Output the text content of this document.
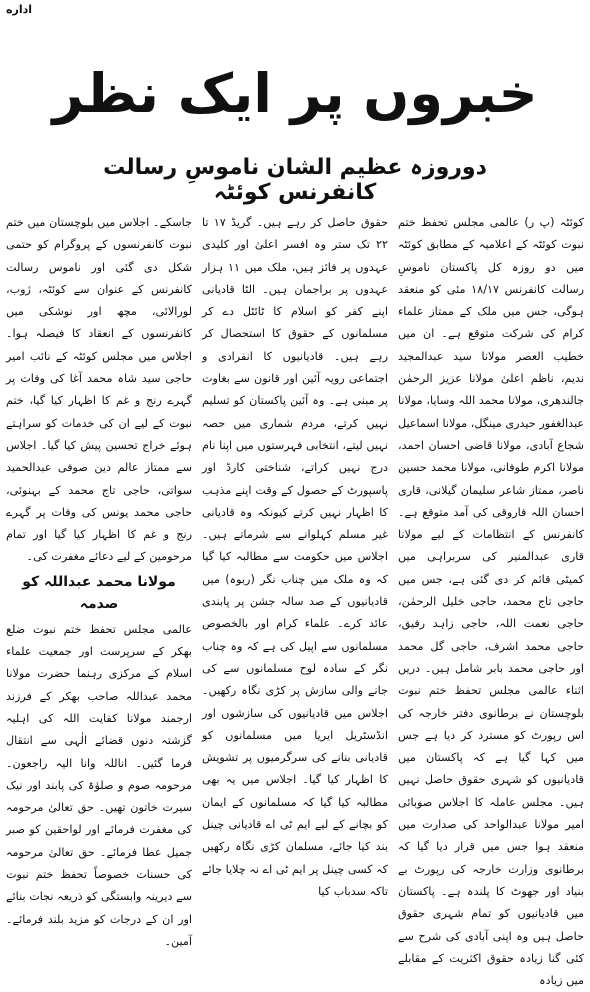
اداره
خبروں پر ایک نظر
دوروزہ عظیم الشان ناموسِ رسالت کانفرنس کوئٹہ

کوئٹہ (پ ر) عالمی مجلس تحفظ ختم نبوت کوئٹہ کے اعلامیہ کے مطابق کوئٹہ میں دو روزہ کل پاکستان ناموسِ رسالت کانفرنس ۱۸/۱۷ مئی کو منعقد ہوگی، جس میں ملک کے ممتاز علماء کرام کی شرکت متوقع ہے۔ ان میں خطیب العصر مولانا سید عبدالمجید ندیم، ناظم اعلیٰ مولانا عزیز الرحمٰن جالندھری، مولانا محمد اللہ وسایا، مولانا عبدالغفور حیدری مینگل، مولانا اسماعیل شجاع آبادی، مولانا قاضی احسان احمد، مولانا اکرم طوفانی، مولانا محمد حسین ناصر، ممتاز شاعر سلیمان گیلانی، قاری احسان اللہ فاروقی کی آمد متوقع ہے۔ کانفرنس کے انتظامات کے لیے مولانا قاری عبدالمنیر کی سربراہی میں کمیٹی قائم کر دی گئی ہے، جس میں حاجی تاج محمد، حاجی خلیل الرحمٰن، حاجی نعمت اللہ، حاجی زاہد رفیق، حاجی محمد اشرف، حاجی گل محمد اور حاجی محمد بابر شامل ہیں۔ دریں اثناء عالمی مجلس تحفظ ختم نبوت بلوچستان نے برطانوی دفتر خارجہ کی اس رپورٹ کو مسترد کر دیا ہے جس میں کہا گیا ہے کہ پاکستان میں قادیانیوں کو شہری حقوق حاصل نہیں ہیں۔ مجلس عاملہ کا اجلاس صوبائی امیر مولانا عبدالواحد کی صدارت میں منعقد ہوا جس میں قرار دیا گیا کہ برطانوی وزارت خارجہ کی رپورٹ بے بنیاد اور جھوٹ کا پلندہ ہے۔ پاکستان میں قادیانیوں کو تمام شہری حقوق حاصل ہیں وہ اپنی آبادی کی شرح سے کئی گنا زیادہ حقوق اکثریت کے مقابلے میں زیادہ

حقوق حاصل کر رہے ہیں۔ گریڈ ۱۷ تا ۲۲ تک ستر وہ افسر اعلیٰ اور کلیدی عہدوں پر فائز ہیں، ملک میں ۱۱ ہزار عہدوں پر براجمان ہیں۔ الٹا قادیانی اپنے کفر کو اسلام کا ٹائٹل دے کر مسلمانوں کے حقوق کا استحصال کر رہے ہیں۔ قادیانیوں کا انفرادی و اجتماعی رویہ آئین اور قانون سے بغاوت پر مبنی ہے۔ وہ آئین پاکستان کو تسلیم نہیں کرتے، مردم شماری میں حصہ نہیں لیتے، انتخابی فہرستوں میں اپنا نام درج نہیں کراتے، شناختی کارڈ اور پاسپورٹ کے حصول کے وقت اپنے مذہب کا اظہار نہیں کرتے کیونکہ وہ قادیانی غیر مسلم کہلوانے سے شرماتے ہیں۔ اجلاس میں حکومت سے مطالبہ کیا گیا کہ وہ ملک میں چناب نگر (ربوہ) میں قادیانیوں کے صد سالہ جشن پر پابندی عائد کرے۔ علماء کرام اور بالخصوص مسلمانوں سے اپیل کی ہے کہ وہ چناب نگر کے سادہ لوح مسلمانوں سے کی جانے والی سازش پر کڑی نگاہ رکھیں۔ اجلاس میں قادیانیوں کی سازشوں اور انڈسٹریل ایریا میں مسلمانوں کو قادیانی بنانے کی سرگرمیوں پر تشویش کا اظہار کیا گیا۔ اجلاس میں یہ بھی مطالبہ کیا گیا کہ مسلمانوں کے ایمان کو بچانے کے لیے ایم ٹی اے قادیانی چینل بند کیا جائے، مسلمان کڑی نگاہ رکھیں کہ کسی چینل پر ایم ٹی اے نہ چلایا جائے تاکہ سدباب کیا

جاسکے۔ اجلاس میں بلوچستان میں ختم نبوت کانفرنسوں کے پروگرام کو حتمی شکل دی گئی اور ناموس رسالت کانفرنس کے عنوان سے کوئٹہ، ژوب، لورالائی، مچھ اور نوشکی میں کانفرنسوں کے انعقاد کا فیصلہ ہوا۔ اجلاس میں مجلس کوئٹہ کے نائب امیر حاجی سید شاہ محمد آغا کی وفات پر گہرے رنج و غم کا اظہار کیا گیا، ختم نبوت کے لیے ان کی خدمات کو سراہتے ہوئے خراج تحسین پیش کیا گیا۔ اجلاس سے ممتاز عالم دین صوفی عبدالحمید سواتی، حاجی تاج محمد کے بہنوئی، حاجی محمد یونس کی وفات پر گہرے رنج و غم کا اظہار کیا گیا اور تمام مرحومین کے لیے دعائے مغفرت کی۔

مولانا محمد عبداللہ کو صدمہ

عالمی مجلس تحفظ ختم نبوت ضلع بھکر کے سرپرست اور جمعیت علماء اسلام کے مرکزی رہنما حضرت مولانا محمد عبداللہ صاحب بھکر کے فرزند ارجمند مولانا کفایت اللہ کی اہلیہ گزشتہ دنوں قضائے الٰہی سے انتقال فرما گئیں۔ اناللہ وانا الیہ راجعون۔ مرحومہ صوم و صلوٰۃ کی پابند اور نیک سیرت خاتون تھیں۔ حق تعالیٰ مرحومہ کی مغفرت فرمائے اور لواحقین کو صبر جمیل عطا فرمائے۔ حق تعالیٰ مرحومہ کی حسنات خصوصاً تحفظ ختم نبوت سے دیرینہ وابستگی کو ذریعہ نجات بنائے اور ان کے درجات کو مزید بلند فرمائے۔ آمین۔
